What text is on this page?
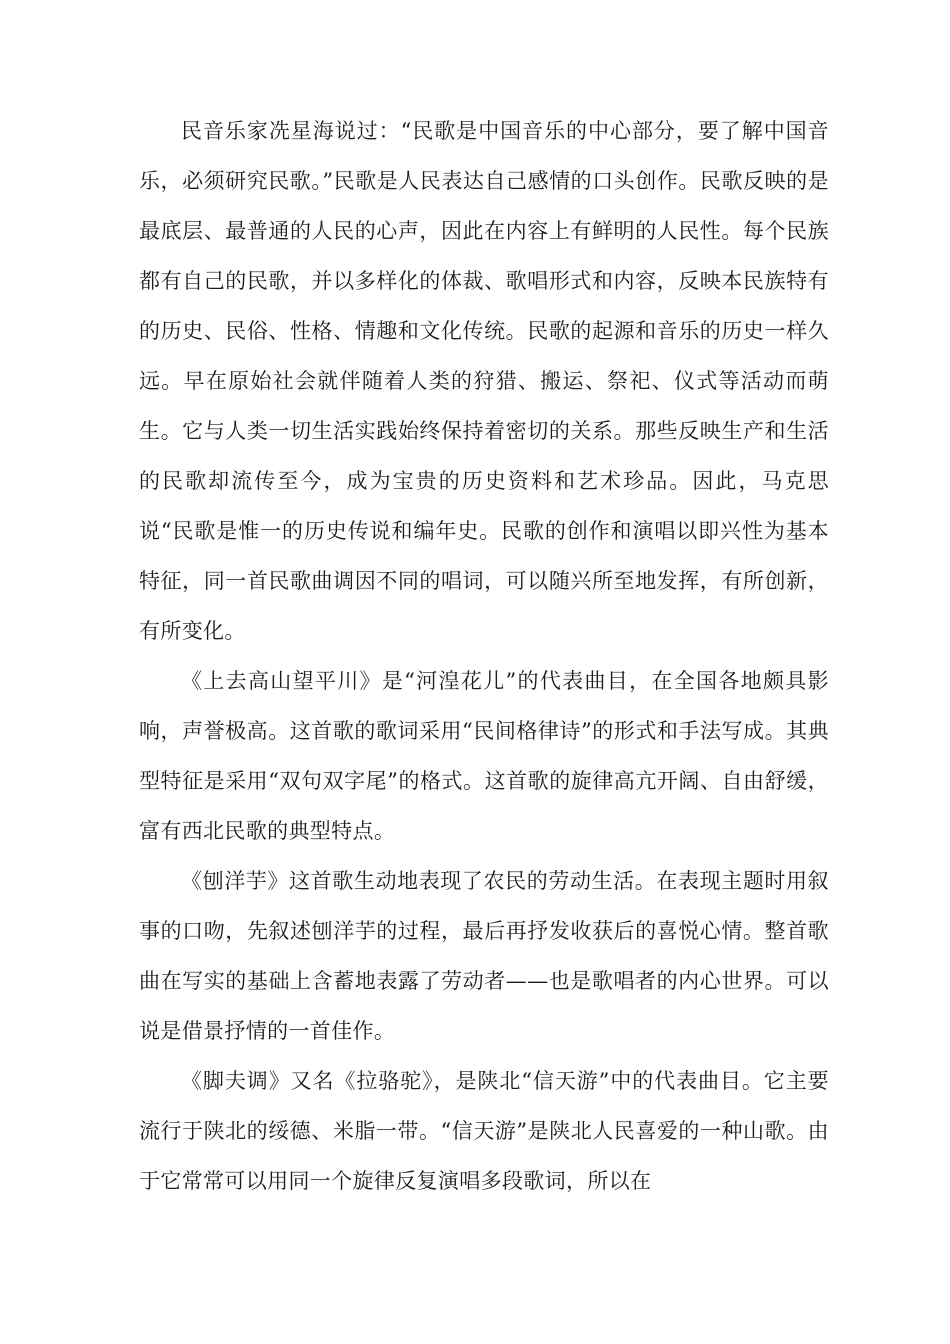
民音乐家冼星海说过：“民歌是中国音乐的中心部分，要了解中国音乐，必须研究民歌。”民歌是人民表达自己感情的口头创作。民歌反映的是最底层、最普通的人民的心声，因此在内容上有鲜明的人民性。每个民族都有自己的民歌，并以多样化的体裁、歌唱形式和内容，反映本民族特有的历史、民俗、性格、情趣和文化传统。民歌的起源和音乐的历史一样久远。早在原始社会就伴随着人类的狩猎、搬运、祭祀、仪式等活动而萌生。它与人类一切生活实践始终保持着密切的关系。那些反映生产和生活的民歌却流传至今，成为宝贵的历史资料和艺术珍品。因此，马克思说“民歌是惟一的历史传说和编年史。民歌的创作和演唱以即兴性为基本特征，同一首民歌曲调因不同的唱词，可以随兴所至地发挥，有所创新，有所变化。

《上去高山望平川》是“河湟花儿”的代表曲目，在全国各地颇具影响，声誉极高。这首歌的歌词采用“民间格律诗”的形式和手法写成。其典型特征是采用“双句双字尾”的格式。这首歌的旋律高亢开阔、自由舒缓，富有西北民歌的典型特点。

《刨洋芋》这首歌生动地表现了农民的劳动生活。在表现主题时用叙事的口吻，先叙述刨洋芋的过程，最后再抒发收获后的喜悦心情。整首歌曲在写实的基础上含蓄地表露了劳动者——也是歌唱者的内心世界。可以说是借景抒情的一首佳作。

《脚夫调》又名《拉骆驼》，是陕北“信天游”中的代表曲目。它主要流行于陕北的绥德、米脂一带。“信天游”是陕北人民喜爱的一种山歌。由于它常常可以用同一个旋律反复演唱多段歌词，所以在
